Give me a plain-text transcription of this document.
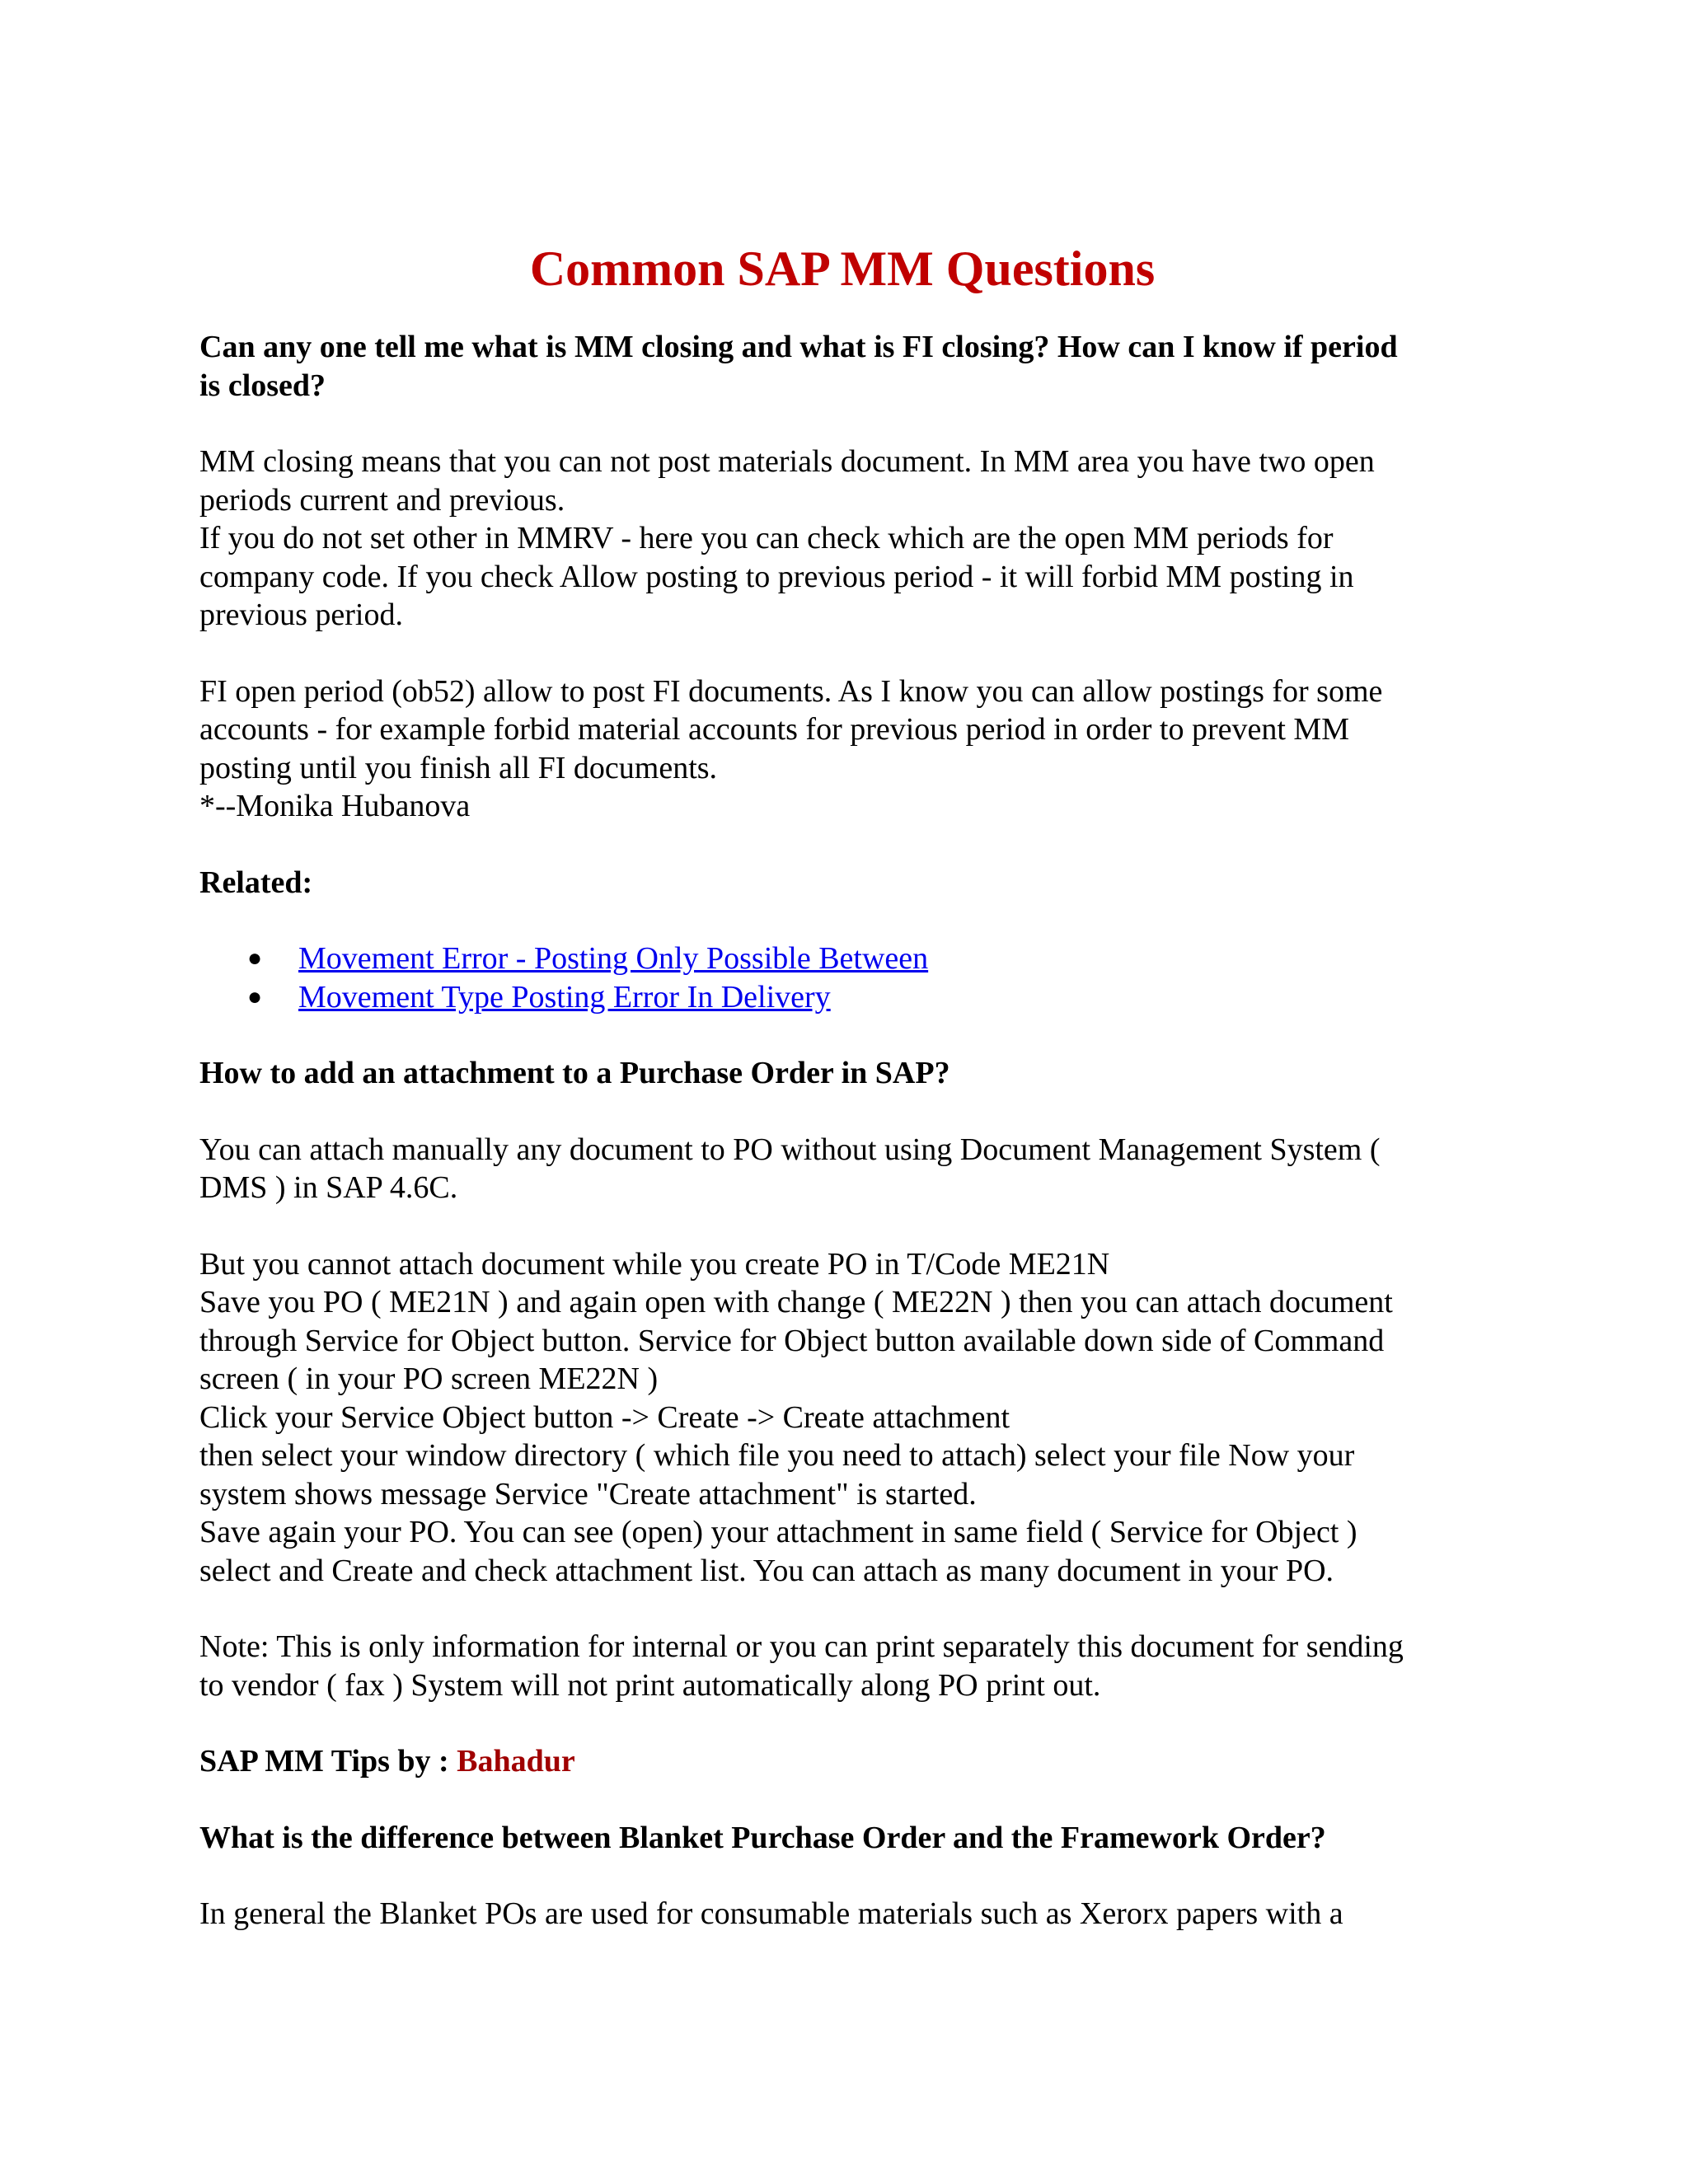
Common SAP MM Questions
Can any one tell me what is MM closing and what is FI closing? How can I know if period
is closed?
MM closing means that you can not post materials document. In MM area you have two open
periods current and previous.
If you do not set other in MMRV - here you can check which are the open MM periods for
company code. If you check Allow posting to previous period - it will forbid MM posting in
previous period.
FI open period (ob52) allow to post FI documents. As I know you can allow postings for some
accounts - for example forbid material accounts for previous period in order to prevent MM
posting until you finish all FI documents.
*--Monika Hubanova
Related:
● Movement Error - Posting Only Possible Between
● Movement Type Posting Error In Delivery
How to add an attachment to a Purchase Order in SAP?
You can attach manually any document to PO without using Document Management System (
DMS ) in SAP 4.6C.
But you cannot attach document while you create PO in T/Code ME21N
Save you PO ( ME21N ) and again open with change ( ME22N ) then you can attach document
through Service for Object button. Service for Object button available down side of Command
screen ( in your PO screen ME22N )
Click your Service Object button -> Create -> Create attachment
then select your window directory ( which file you need to attach) select your file Now your
system shows message Service "Create attachment" is started.
Save again your PO. You can see (open) your attachment in same field ( Service for Object )
select and Create and check attachment list. You can attach as many document in your PO.
Note: This is only information for internal or you can print separately this document for sending
to vendor ( fax ) System will not print automatically along PO print out.
SAP MM Tips by : Bahadur
What is the difference between Blanket Purchase Order and the Framework Order?
In general the Blanket POs are used for consumable materials such as Xerorx papers with a
